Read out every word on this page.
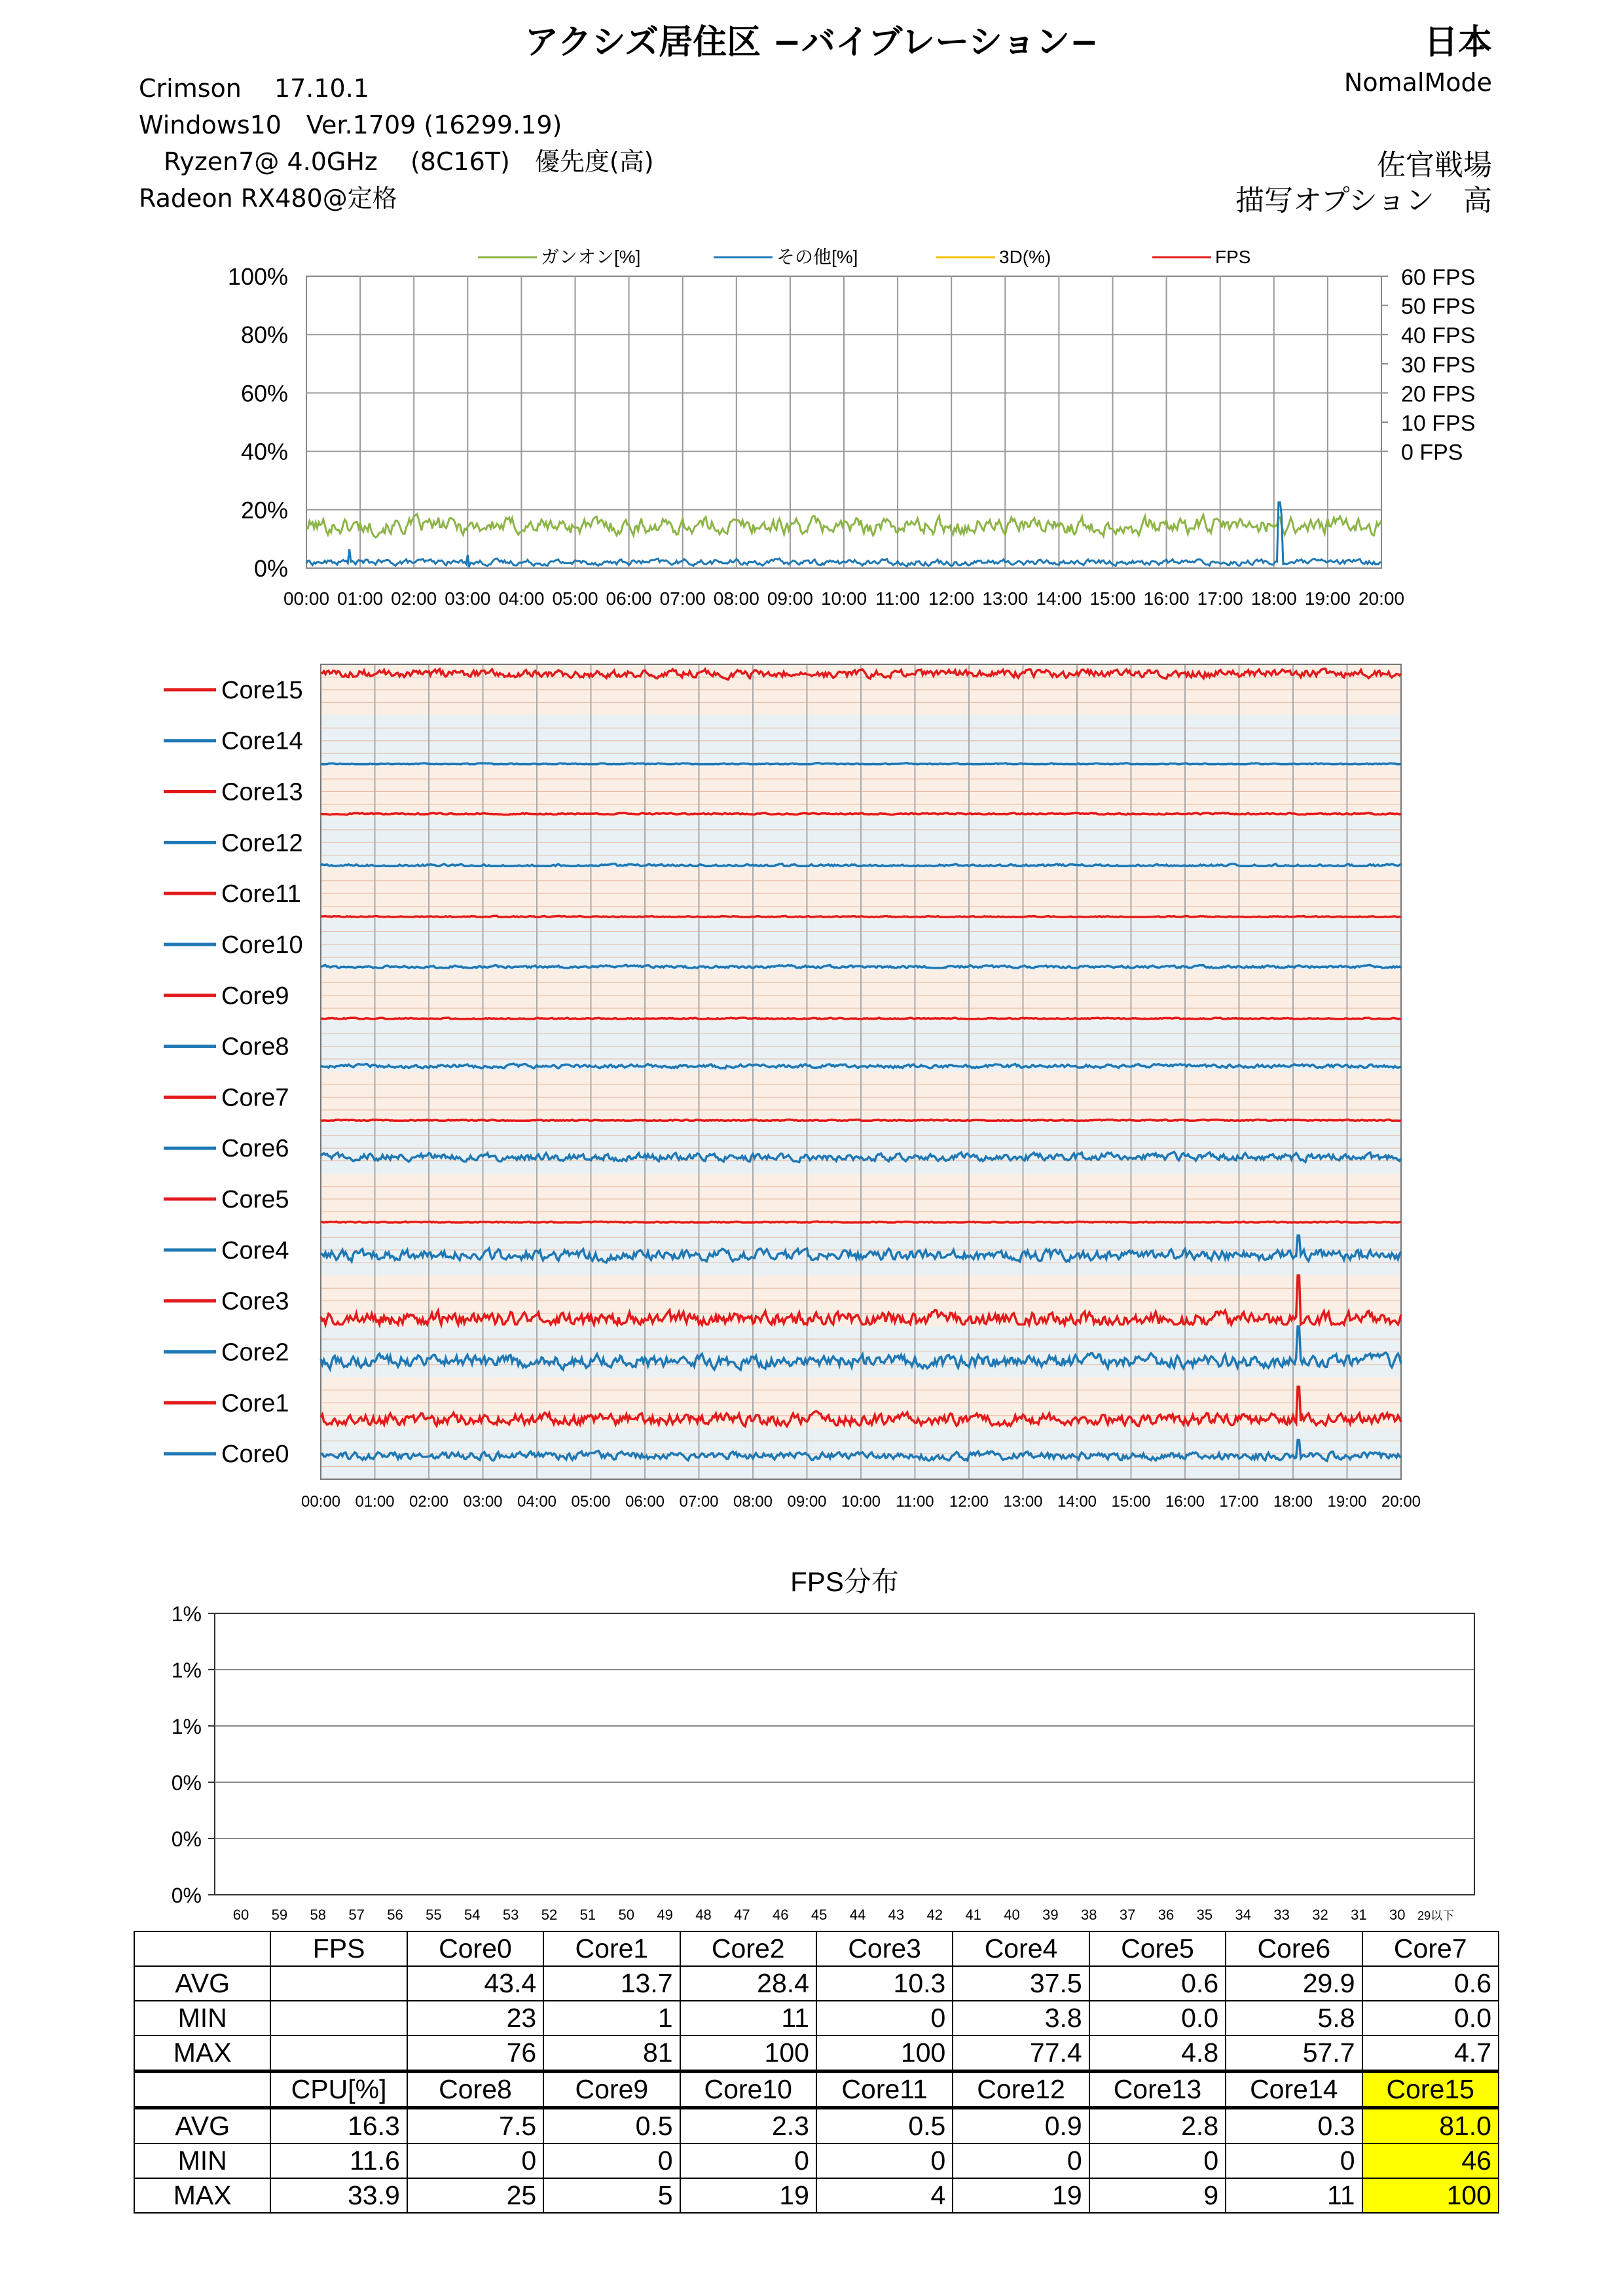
アクシズ居住区 −バイブレーション−	日本
Crimson　 17.10.1
Windows10　Ver.1709 (16299.19)
　Ryzen7@ 4.0GHz　 (8C16T)　優先度(高)
Radeon RX480@定格
NomalMode
佐官戦場
描写オプション　高
0%
20%
40%
60%
80%
100%
0 FPS
10 FPS
20 FPS
30 FPS
40 FPS
50 FPS
60 FPS
00:00 01:00 02:00 03:00 04:00 05:00 06:00 07:00 08:00 09:00 10:00 11:00 12:00 13:00 14:00 15:00 16:00 17:00 18:00 19:00 20:00
ガンオン[%]	その他[%]	3D(%)	FPS
00:00 01:00 02:00 03:00 04:00 05:00 06:00 07:00 08:00 09:00 10:00 11:00 12:00 13:00 14:00 15:00 16:00 17:00 18:00 19:00 20:00
Core15
Core14
Core13
Core12
Core11
Core10
Core9
Core8
Core7
Core6
Core5
Core4
Core3
Core2
Core1
Core0
FPS分布
0%
0%
0%
1%
1%
1%
60 59 58 57 56 55 54 53 52 51 50 49 48 47 46 45 44 43 42 41 40 39 38 37 36 35 34 33 32 31 30 29以下
	FPS	Core0	Core1	Core2	Core3	Core4	Core5	Core6	Core7
AVG		43.4	13.7	28.4	10.3	37.5	0.6	29.9	0.6
MIN		23	1	11	0	3.8	0.0	5.8	0.0
MAX		76	81	100	100	77.4	4.8	57.7	4.7
	CPU[%]	Core8	Core9	Core10	Core11	Core12	Core13	Core14	Core15
AVG	16.3	7.5	0.5	2.3	0.5	0.9	2.8	0.3	81.0
MIN	11.6	0	0	0	0	0	0	0	46
MAX	33.9	25	5	19	4	19	9	11	100
